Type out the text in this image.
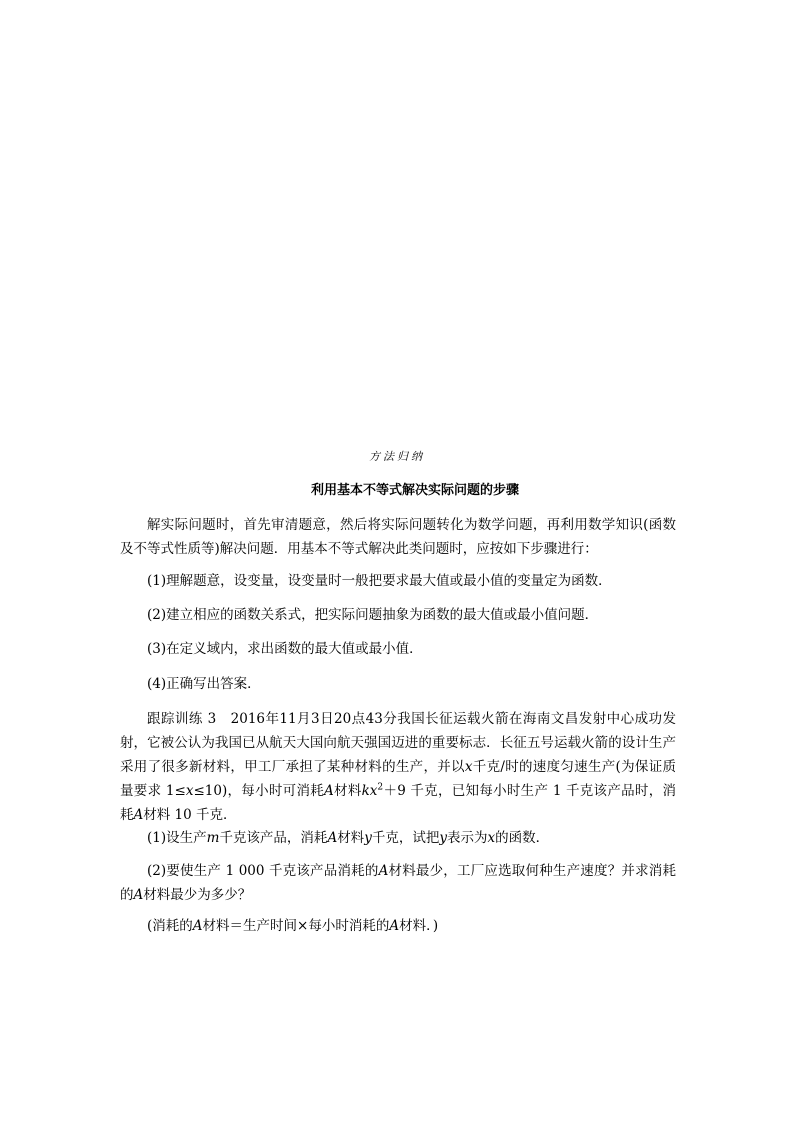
方法归纳
利用基本不等式解决实际问题的步骤
解实际问题时，首先审清题意，然后将实际问题转化为数学问题，再利用数学知识(函数及不等式性质等)解决问题．用基本不等式解决此类问题时，应按如下步骤进行：
(1)理解题意，设变量，设变量时一般把要求最大值或最小值的变量定为函数．
(2)建立相应的函数关系式，把实际问题抽象为函数的最大值或最小值问题．
(3)在定义域内，求出函数的最大值或最小值．
(4)正确写出答案．
跟踪训练 3　 2016年11月3日20点43分我国长征运载火箭在海南文昌发射中心成功发射，它被公认为我国已从航天大国向航天强国迈进的重要标志．长征五号运载火箭的设计生产采用了很多新材料，甲工厂承担了某种材料的生产，并以x千克/时的速度匀速生产(为保证质量要求 1≤x≤10)，每小时可消耗A材料$kx^2+9$ 千克，已知每小时生产 1 千克该产品时，消耗A材料 10 千克．
(1)设生产m千克该产品，消耗A材料y千克，试把y表示为x的函数．
(2)要使生产 1 000 千克该产品消耗的A材料最少，工厂应选取何种生产速度？并求消耗的A材料最少为多少？
(消耗的A材料＝生产时间×每小时消耗的A材料．)
